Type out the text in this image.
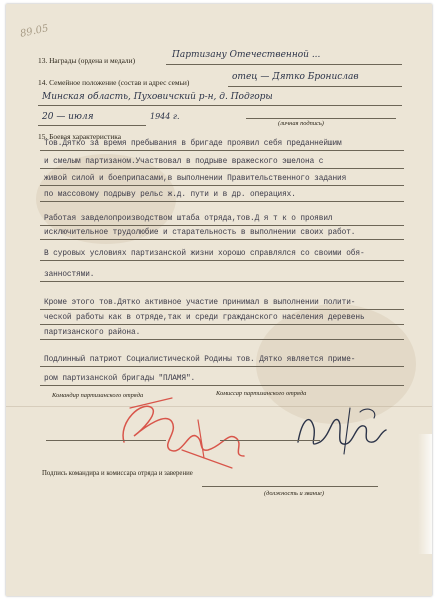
89.05
13. Награды (ордена и медали)
Партизану Отечественной ...
14. Семейное положение (состав и адрес семьи)
отец — Дятко Бронислав
Минская область, Пуховичский р-н, д. Подгоры
20 — июля	1944 г.
(личная подпись)
15. Боевая характеристика
Командир партизанского отряда	Комиссар партизанского отряда
Подпись командира и комиссара отряда и заверение
(должность и звание)
Тов.Дятко за время пребывания в бригаде проявил себя преданнейшим
и смелым партизаном.Участвовал в подрыве вражеского эшелона с
живой силой и боеприпасами,в выполнении Правительственного задания
по массовому подрыву рельс ж.д. пути и в др. операциях.
Работая завделопроизводством штаба отряда,тов.Д я т к о проявил
исключительное трудолюбие и старательность в выполнении своих работ.
В суровых условиях партизанской жизни хорошо справлялся со своими обя-
занностями.
Кроме этого тов.Дятко активное участие принимал в выполнении полити-
ческой работы как в отряде,так и среди гражданского населения деревень
партизанского района.
Подлинный патриот Социалистической Родины тов. Дятко является приме-
ром партизанской бригады "ПЛАМЯ".
